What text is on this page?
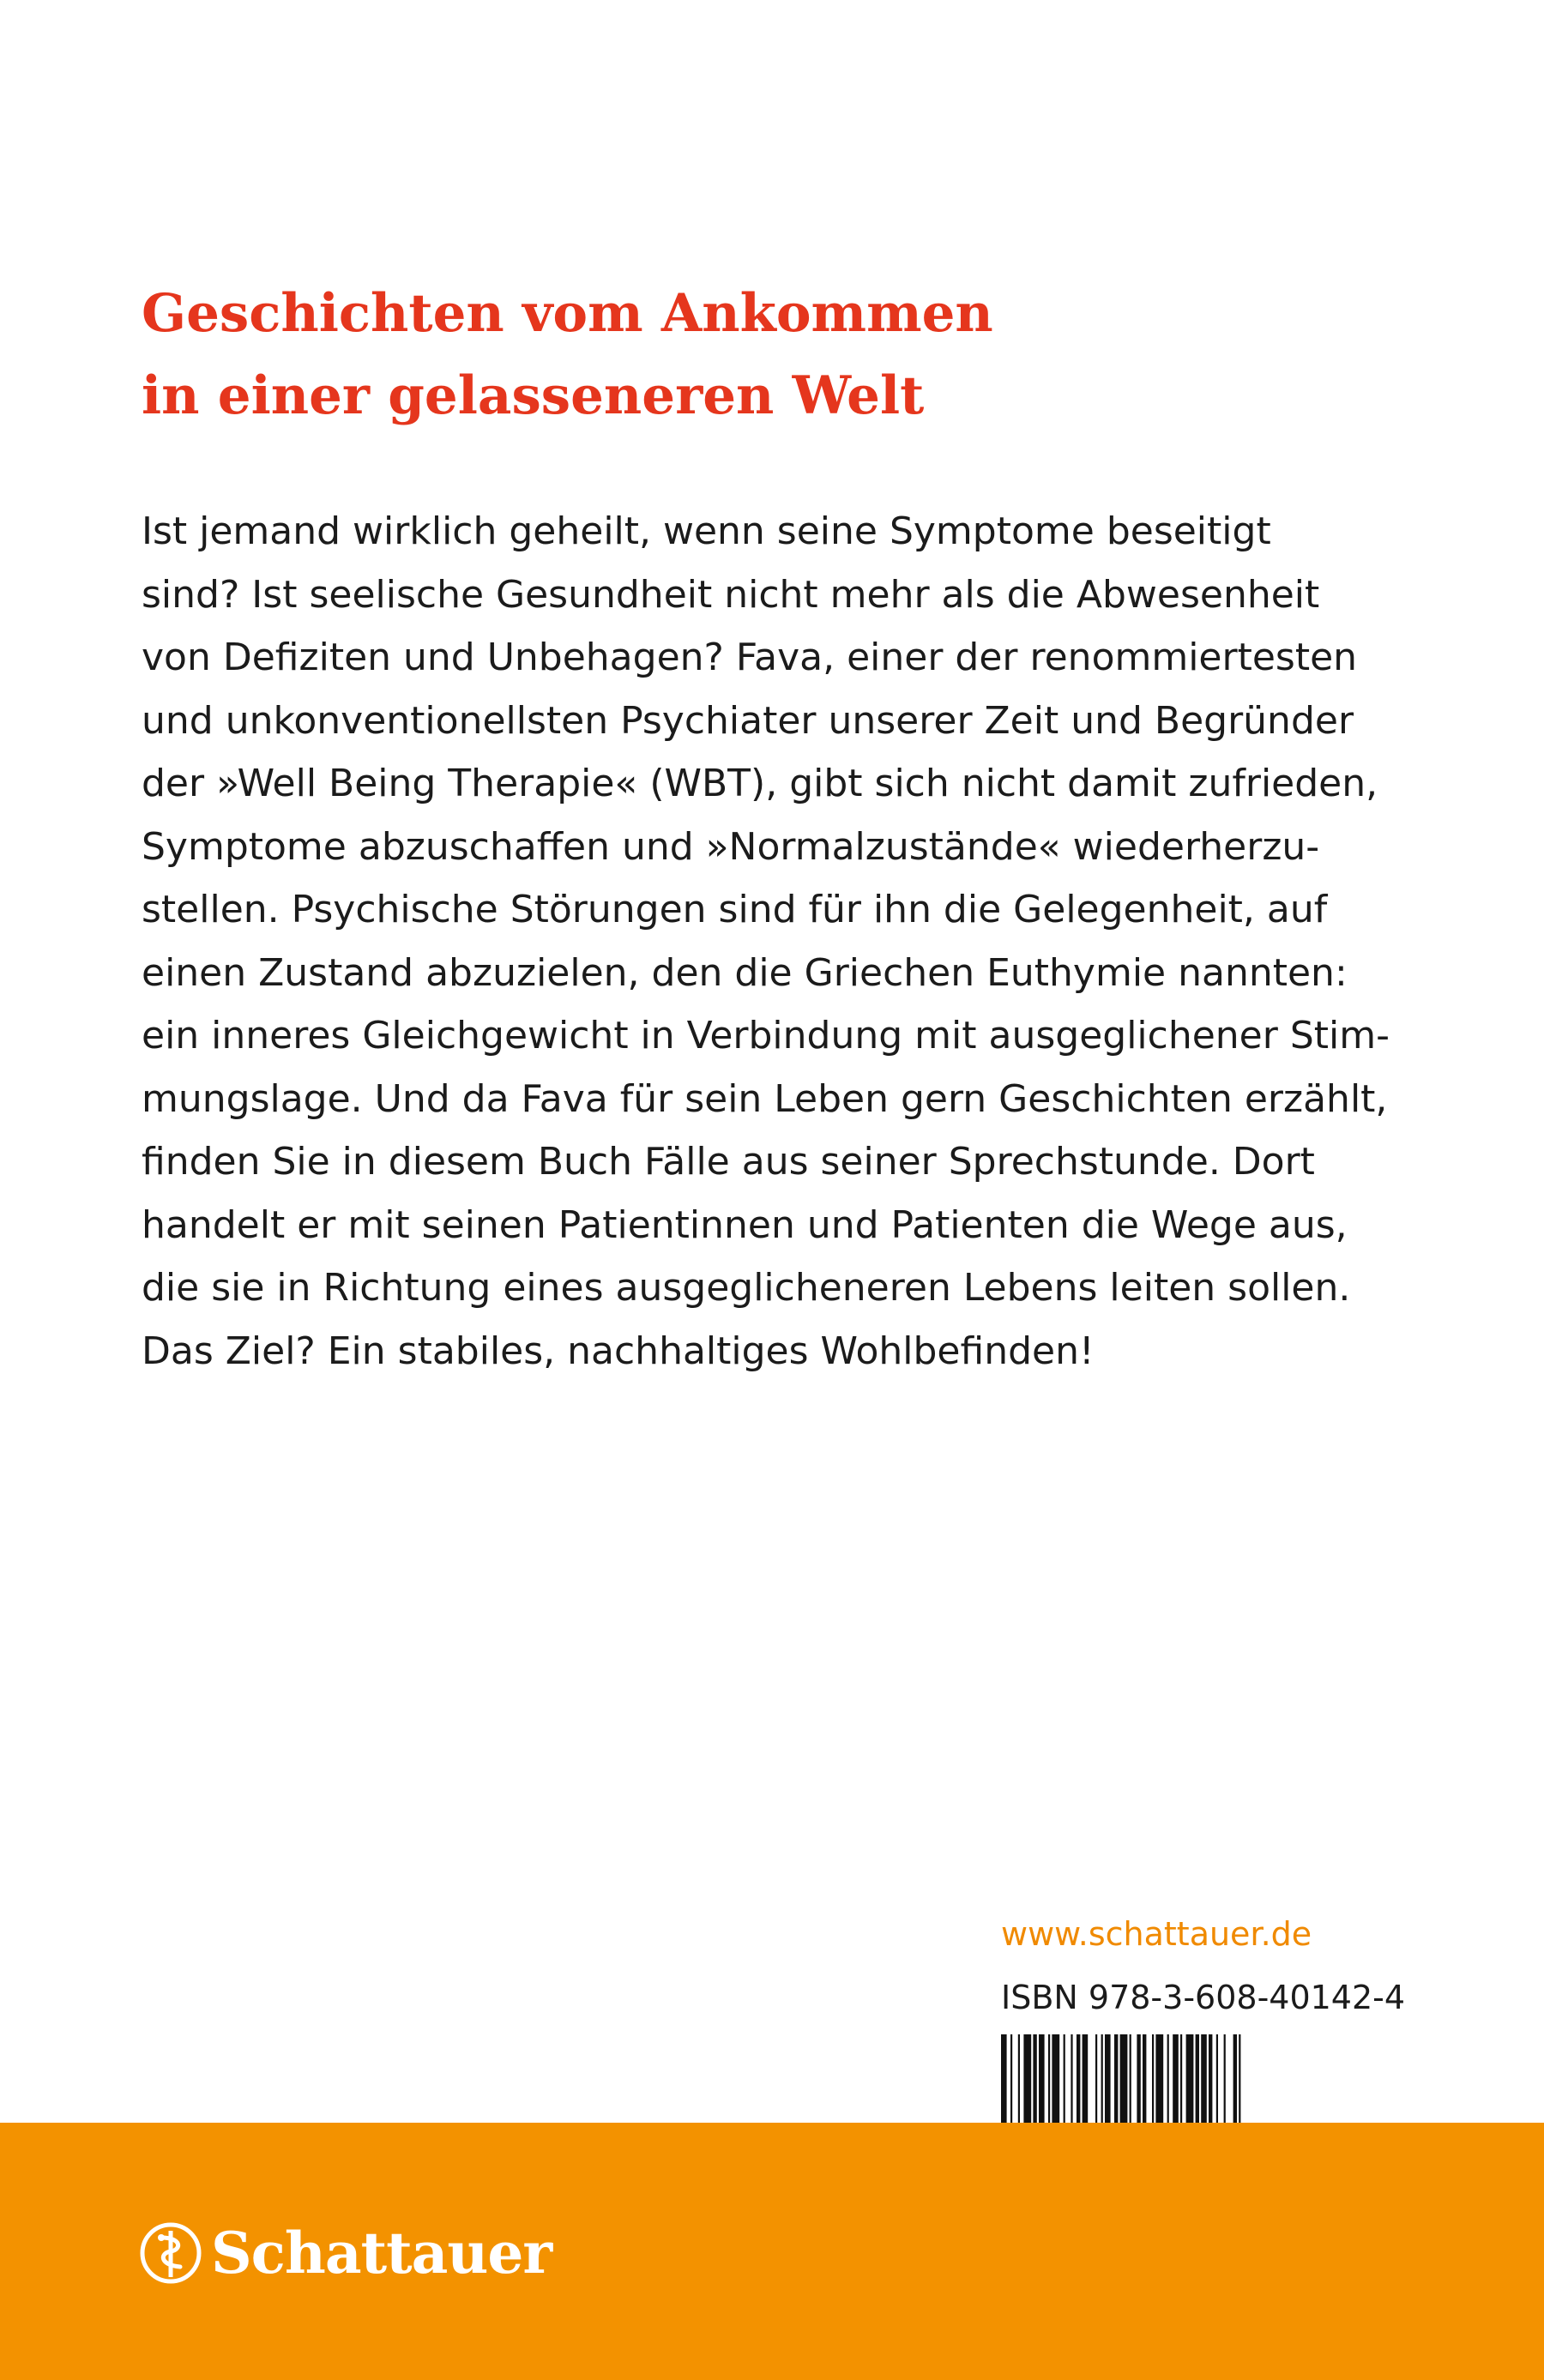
Geschichten vom Ankommen
in einer gelasseneren Welt

Ist jemand wirklich geheilt, wenn seine Symptome beseitigt
sind? Ist seelische Gesundheit nicht mehr als die Abwesenheit
von Defiziten und Unbehagen? Fava, einer der renommiertesten
und unkonventionellsten Psychiater unserer Zeit und Begründer
der »Well Being Therapie« (WBT), gibt sich nicht damit zufrieden,
Symptome abzuschaffen und »Normalzustände« wiederherzu-
stellen. Psychische Störungen sind für ihn die Gelegenheit, auf
einen Zustand abzuzielen, den die Griechen Euthymie nannten:
ein inneres Gleichgewicht in Verbindung mit ausgeglichener Stim-
mungslage. Und da Fava für sein Leben gern Geschichten erzählt,
finden Sie in diesem Buch Fälle aus seiner Sprechstunde. Dort
handelt er mit seinen Patientinnen und Patienten die Wege aus,
die sie in Richtung eines ausgeglicheneren Lebens leiten sollen.
Das Ziel? Ein stabiles, nachhaltiges Wohlbefinden!

www.schattauer.de
ISBN 978-3-608-40142-4
Schattauer
